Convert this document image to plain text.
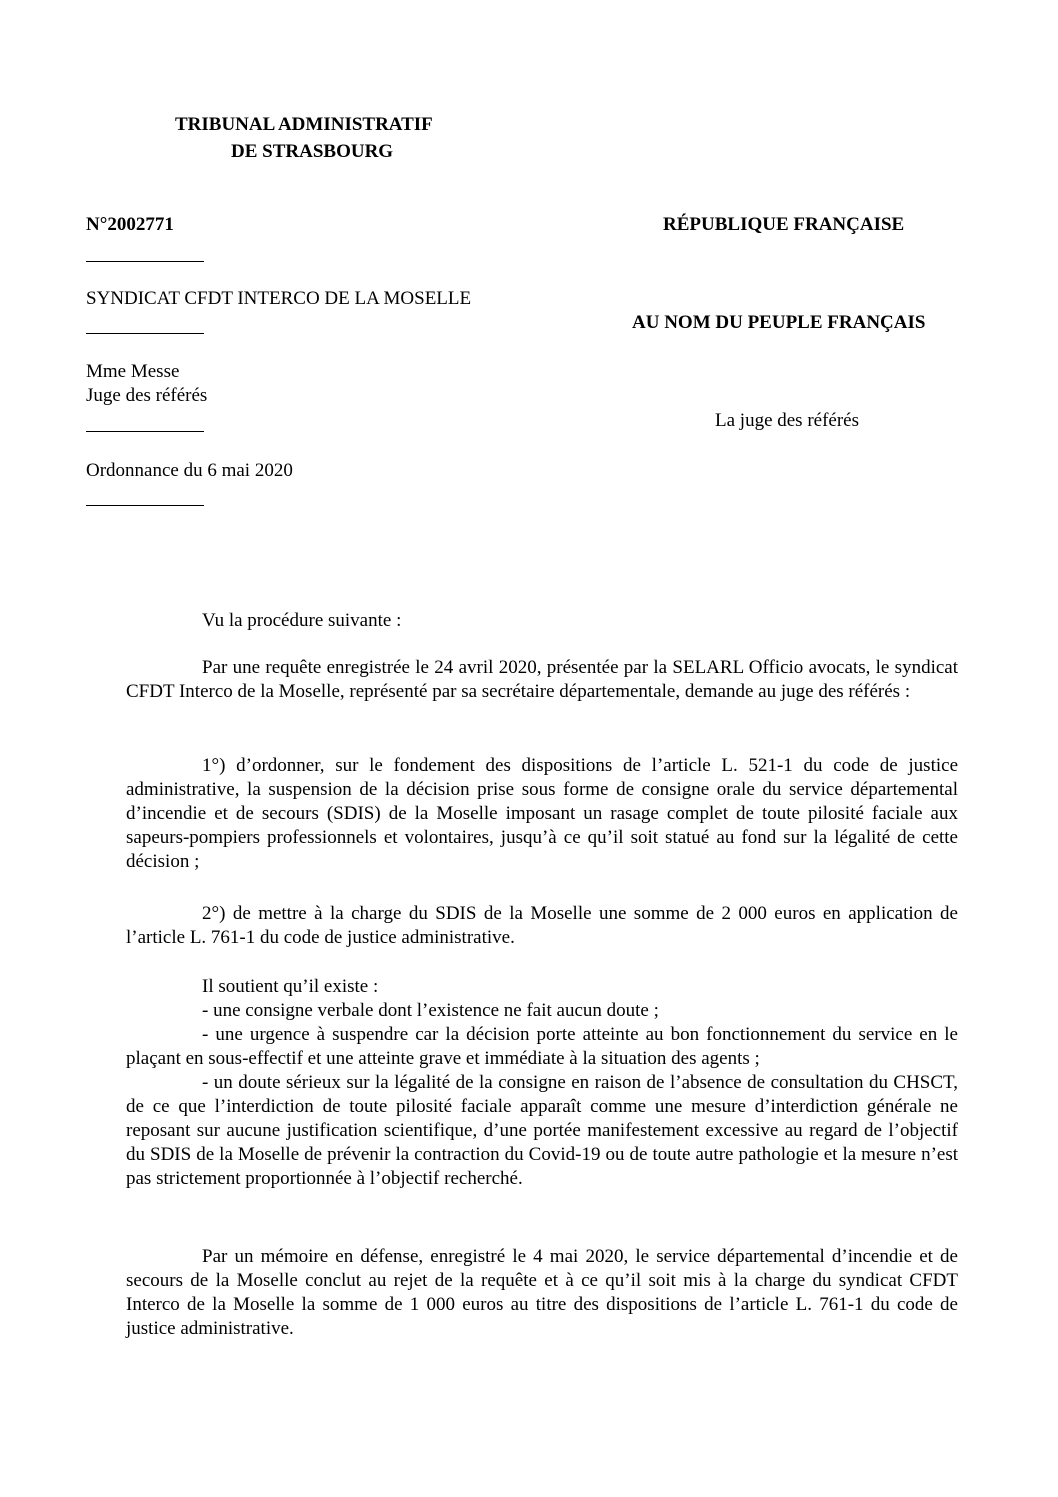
TRIBUNAL ADMINISTRATIF
DE STRASBOURG
N°2002771	RÉPUBLIQUE FRANÇAISE
SYNDICAT CFDT INTERCO DE LA MOSELLE
AU NOM DU PEUPLE FRANÇAIS
Mme Messe
Juge des référés
La juge des référés
Ordonnance du 6 mai 2020

Vu la procédure suivante :

Par une requête enregistrée le 24 avril 2020, présentée par la SELARL Officio avocats, le syndicat CFDT Interco de la Moselle, représenté par sa secrétaire départementale, demande au juge des référés :

1°) d’ordonner, sur le fondement des dispositions de l’article L. 521-1 du code de justice administrative, la suspension de la décision prise sous forme de consigne orale du service départemental d’incendie et de secours (SDIS) de la Moselle imposant un rasage complet de toute pilosité faciale aux sapeurs-pompiers professionnels et volontaires, jusqu’à ce qu’il soit statué au fond sur la légalité de cette décision ;

2°) de mettre à la charge du SDIS de la Moselle une somme de 2 000 euros en application de l’article L. 761-1 du code de justice administrative.

Il soutient qu’il existe :

- une consigne verbale dont l’existence ne fait aucun doute ;

- une urgence à suspendre car la décision porte atteinte au bon fonctionnement du service en le plaçant en sous-effectif et une atteinte grave et immédiate à la situation des agents ;

- un doute sérieux sur la légalité de la consigne en raison de l’absence de consultation du CHSCT, de ce que l’interdiction de toute pilosité faciale apparaît comme une mesure d’interdiction générale ne reposant sur aucune justification scientifique, d’une portée manifestement excessive au regard de l’objectif du SDIS de la Moselle de prévenir la contraction du Covid-19 ou de toute autre pathologie et la mesure n’est pas strictement proportionnée à l’objectif recherché.

Par un mémoire en défense, enregistré le 4 mai 2020, le service départemental d’incendie et de secours de la Moselle conclut au rejet de la requête et à ce qu’il soit mis à la charge du syndicat CFDT Interco de la Moselle la somme de 1 000 euros au titre des dispositions de l’article L. 761-1 du code de justice administrative.
